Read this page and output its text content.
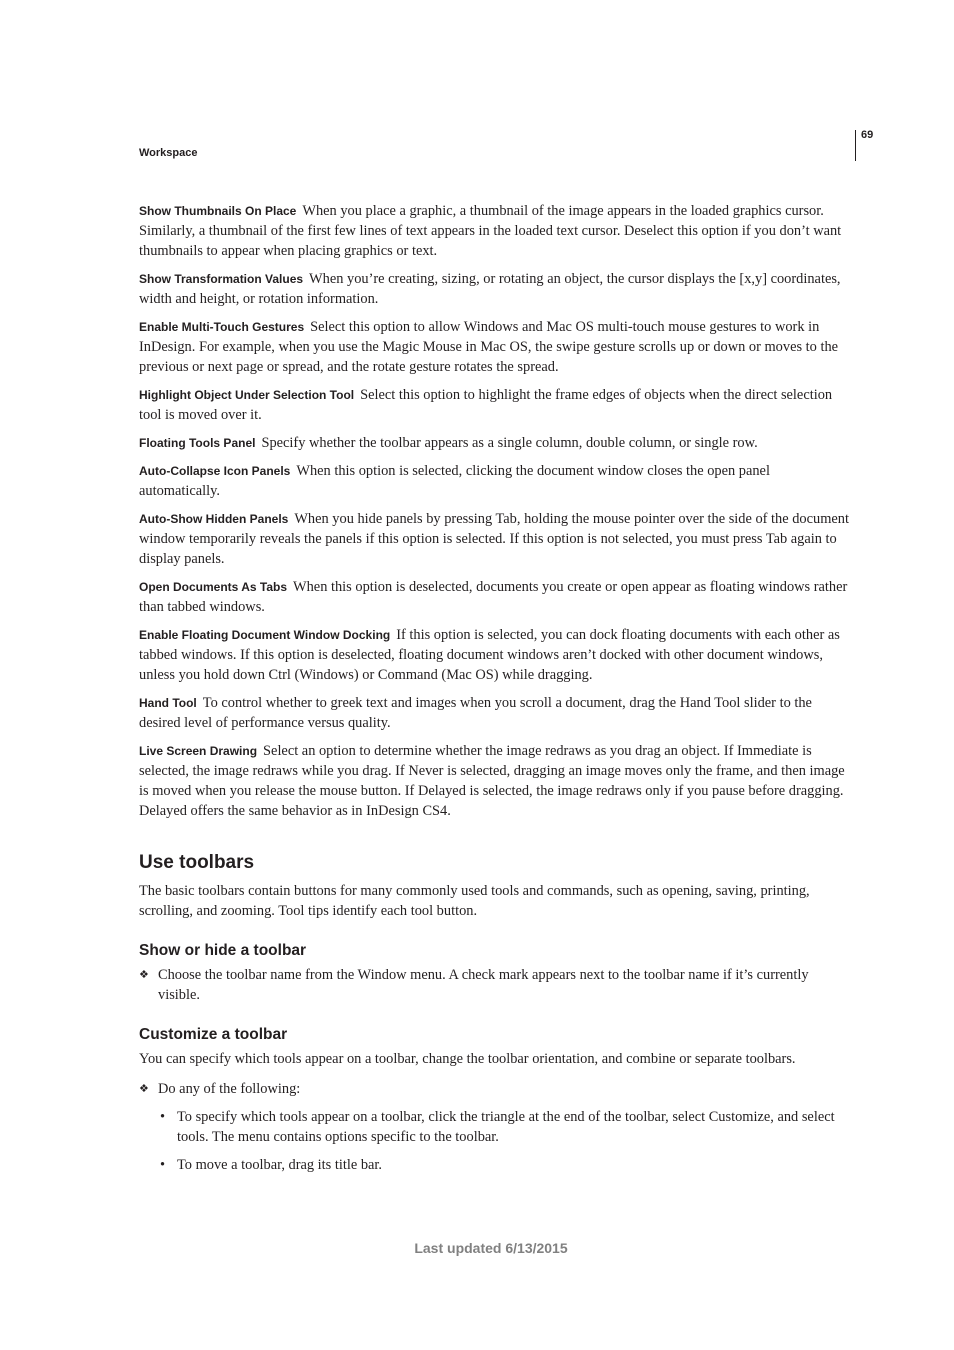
69
Workspace

Show Thumbnails On Place When you place a graphic, a thumbnail of the image appears in the loaded graphics cursor. Similarly, a thumbnail of the first few lines of text appears in the loaded text cursor. Deselect this option if you don’t want thumbnails to appear when placing graphics or text.

Show Transformation Values When you’re creating, sizing, or rotating an object, the cursor displays the [x,y] coordinates, width and height, or rotation information.

Enable Multi-Touch Gestures Select this option to allow Windows and Mac OS multi-touch mouse gestures to work in InDesign. For example, when you use the Magic Mouse in Mac OS, the swipe gesture scrolls up or down or moves to the previous or next page or spread, and the rotate gesture rotates the spread.

Highlight Object Under Selection Tool Select this option to highlight the frame edges of objects when the direct selection tool is moved over it.

Floating Tools Panel Specify whether the toolbar appears as a single column, double column, or single row.

Auto-Collapse Icon Panels When this option is selected, clicking the document window closes the open panel automatically.

Auto-Show Hidden Panels When you hide panels by pressing Tab, holding the mouse pointer over the side of the document window temporarily reveals the panels if this option is selected. If this option is not selected, you must press Tab again to display panels.

Open Documents As Tabs When this option is deselected, documents you create or open appear as floating windows rather than tabbed windows.

Enable Floating Document Window Docking If this option is selected, you can dock floating documents with each other as tabbed windows. If this option is deselected, floating document windows aren’t docked with other document windows, unless you hold down Ctrl (Windows) or Command (Mac OS) while dragging.

Hand Tool To control whether to greek text and images when you scroll a document, drag the Hand Tool slider to the desired level of performance versus quality.

Live Screen Drawing Select an option to determine whether the image redraws as you drag an object. If Immediate is selected, the image redraws while you drag. If Never is selected, dragging an image moves only the frame, and then image is moved when you release the mouse button. If Delayed is selected, the image redraws only if you pause before dragging. Delayed offers the same behavior as in InDesign CS4.

Use toolbars

The basic toolbars contain buttons for many commonly used tools and commands, such as opening, saving, printing, scrolling, and zooming. Tool tips identify each tool button.

Show or hide a toolbar
❖ Choose the toolbar name from the Window menu. A check mark appears next to the toolbar name if it’s currently visible.
Customize a toolbar

You can specify which tools appear on a toolbar, change the toolbar orientation, and combine or separate toolbars.

❖ Do any of the following:
• To specify which tools appear on a toolbar, click the triangle at the end of the toolbar, select Customize, and select tools. The menu contains options specific to the toolbar.
• To move a toolbar, drag its title bar.
Last updated 6/13/2015
